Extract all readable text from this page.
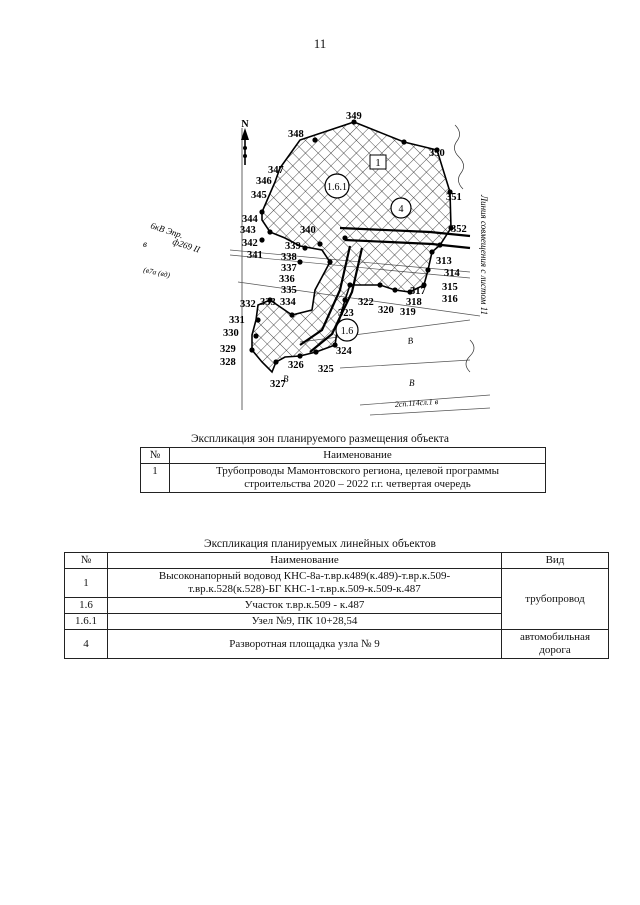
11
N
1
1.6.1
4
1.6
349
348
350
347
346
345	351
352
344
343
342
341
340
339
338
337
336
335
332 333 334
331
330
329
328
327
326 325
324
323
322
320 319
318
317
316
315
314
313
6кВ Эпр.
ф269 II
в
(в7а (вд)
B
В	B
2сп.114cл.1 в
Линия совмещения с листом 11
Экспликация зон планируемого размещения объекта
№	Наименование
1	Трубопроводы Мамонтовского региона, целевой программы
строительства 2020 – 2022 г.г. четвертая очередь
Экспликация планируемых линейных объектов
№	Наименование	Вид
1	Высоконапорный водовод КНС-8а-т.вр.к489(к.489)-т.вр.к.509-
т.вр.к.528(к.528)-БГ КНС-1-т.вр.к.509-к.509-к.487	трубопровод
1.6	Участок т.вр.к.509 - к.487	
1.6.1	Узел №9, ПК 10+28,54	
4	Разворотная площадка узла № 9	автомобильная
дорога
